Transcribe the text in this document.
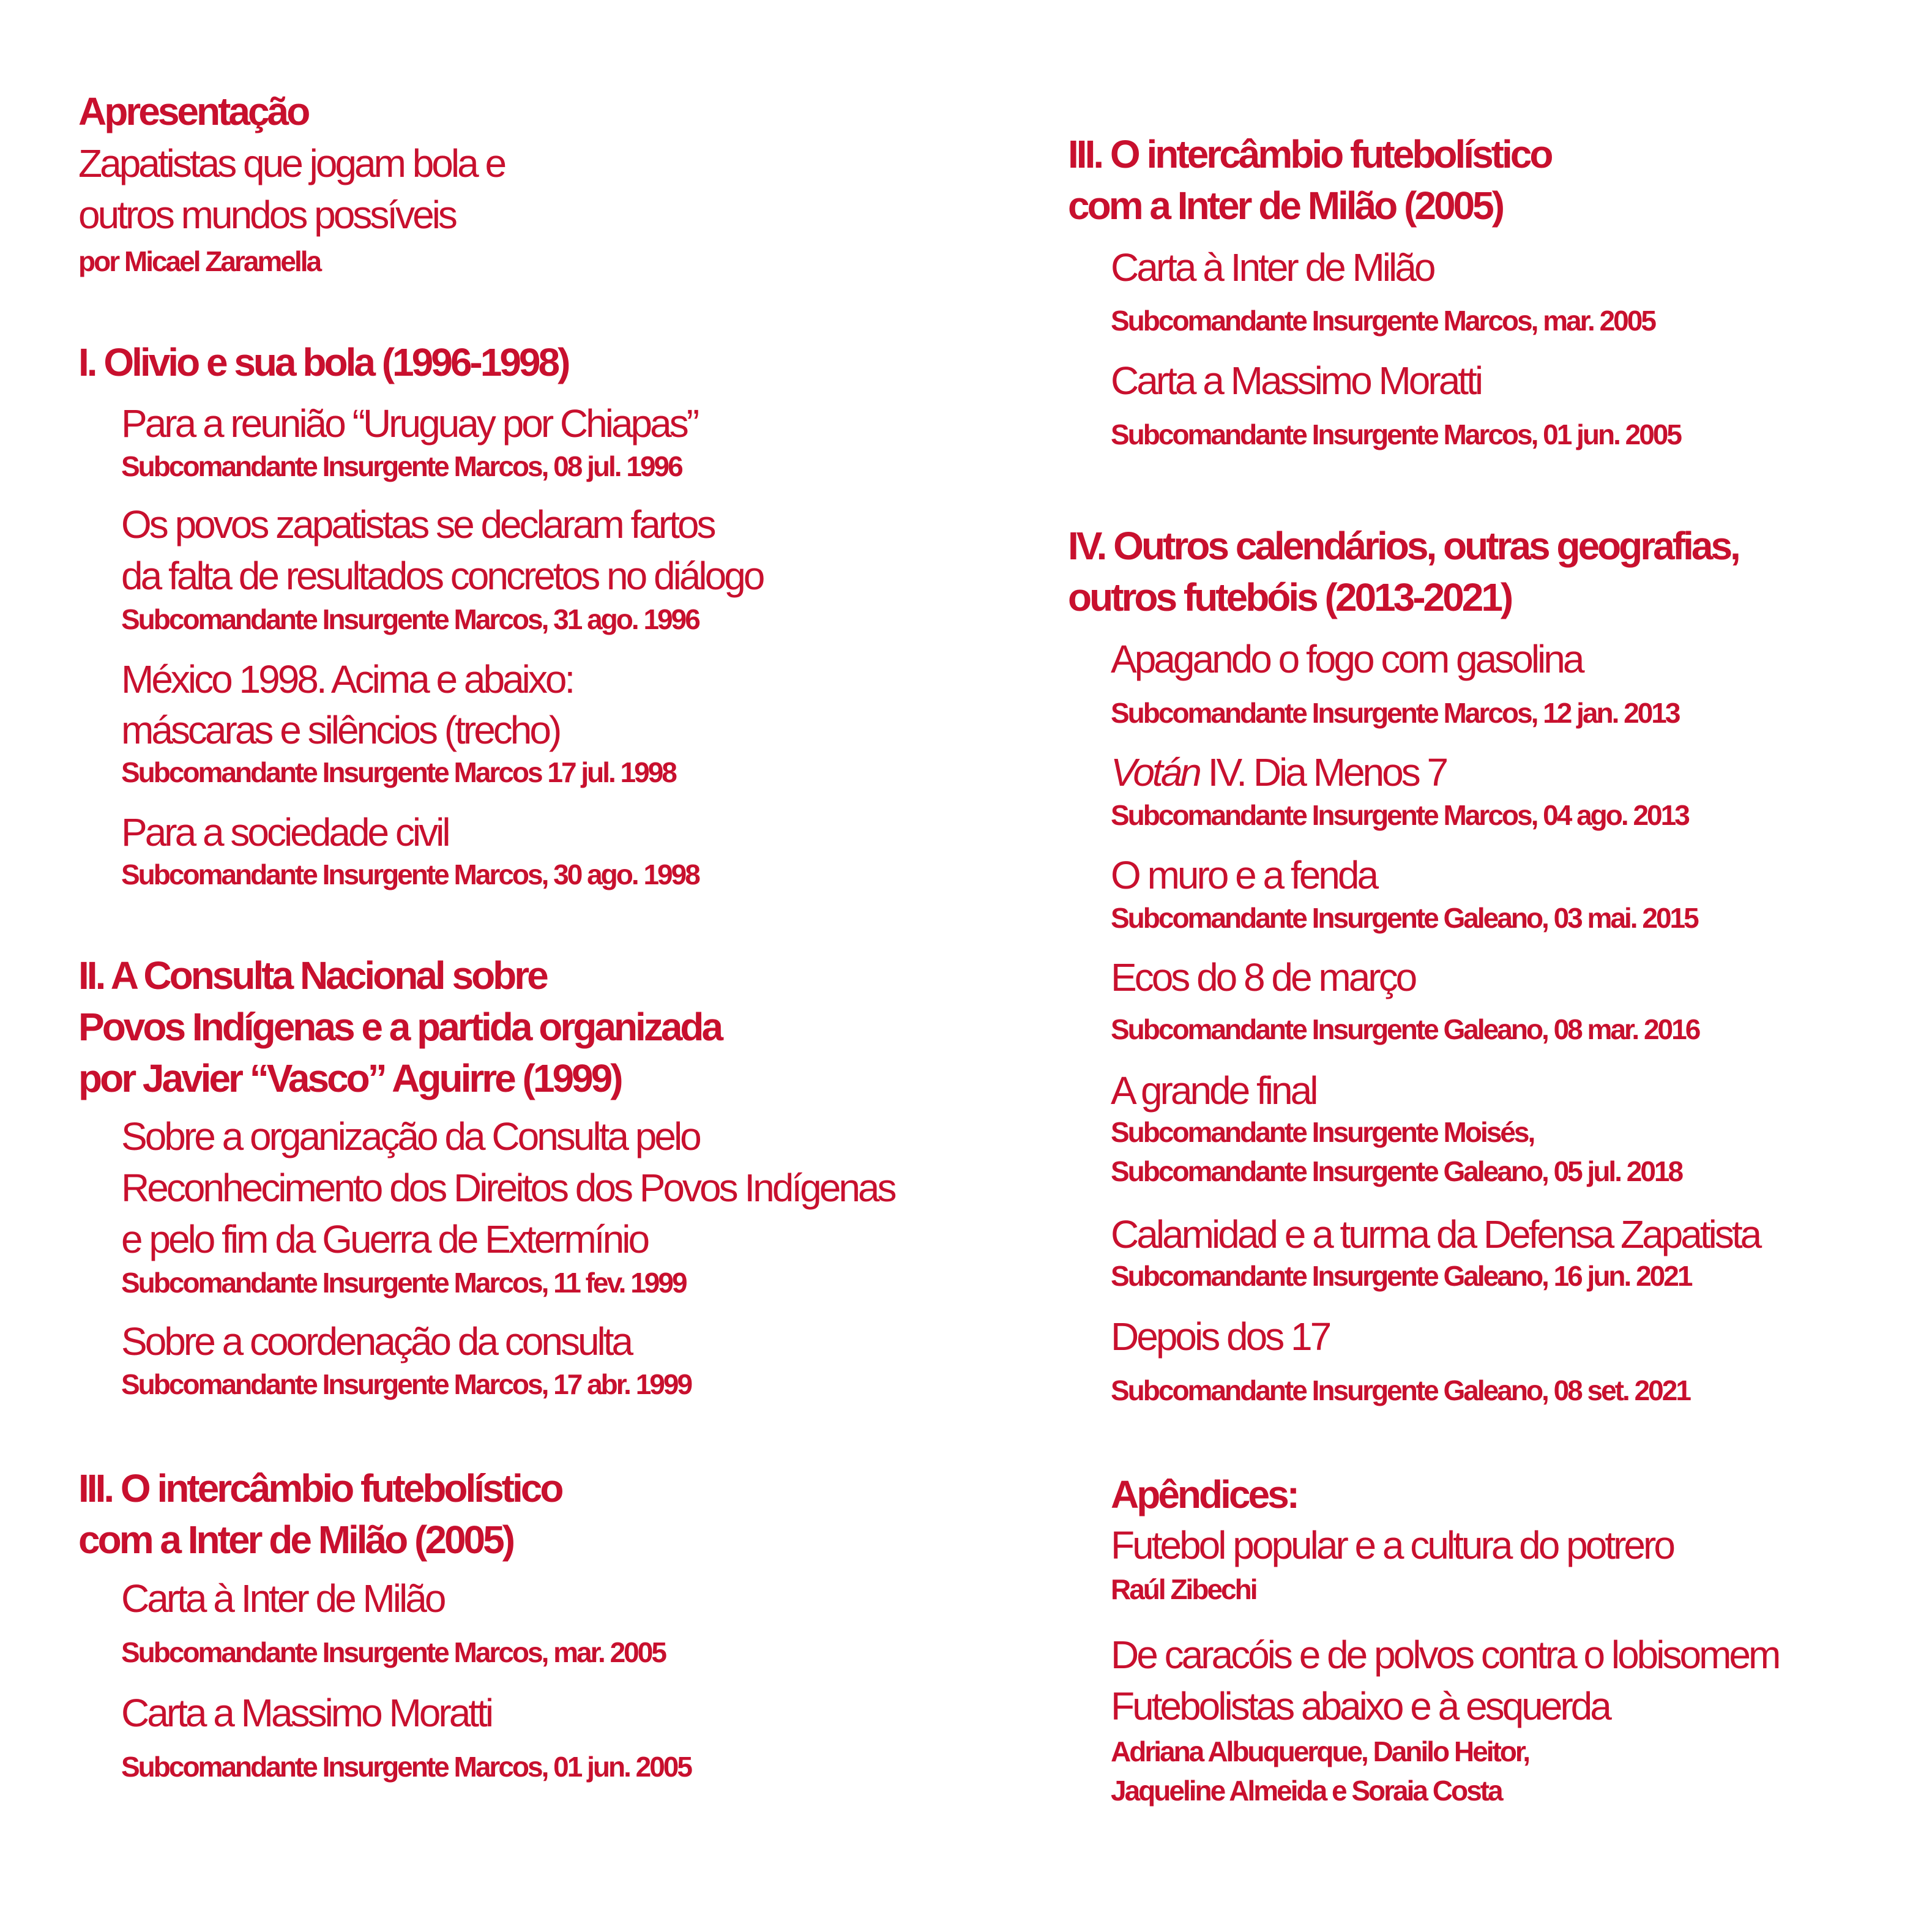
Apresentação
Zapatistas que jogam bola e
outros mundos possíveis
por Micael Zaramella
I. Olivio e sua bola (1996-1998)
Para a reunião “Uruguay por Chiapas”
Subcomandante Insurgente Marcos, 08 jul. 1996
Os povos zapatistas se declaram fartos
da falta de resultados concretos no diálogo
Subcomandante Insurgente Marcos, 31 ago. 1996
México 1998. Acima e abaixo:
máscaras e silêncios (trecho)
Subcomandante Insurgente Marcos 17 jul. 1998
Para a sociedade civil
Subcomandante Insurgente Marcos, 30 ago. 1998
II. A Consulta Nacional sobre
Povos Indígenas e a partida organizada
por Javier “Vasco” Aguirre (1999)
Sobre a organização da Consulta pelo
Reconhecimento dos Direitos dos Povos Indígenas
e pelo fim da Guerra de Extermínio
Subcomandante Insurgente Marcos, 11 fev. 1999
Sobre a coordenação da consulta
Subcomandante Insurgente Marcos, 17 abr. 1999
III. O intercâmbio futebolístico
com a Inter de Milão (2005)
Carta à Inter de Milão
Subcomandante Insurgente Marcos, mar. 2005
Carta a Massimo Moratti
Subcomandante Insurgente Marcos, 01 jun. 2005
III. O intercâmbio futebolístico
com a Inter de Milão (2005)
Carta à Inter de Milão
Subcomandante Insurgente Marcos, mar. 2005
Carta a Massimo Moratti
Subcomandante Insurgente Marcos, 01 jun. 2005
IV. Outros calendários, outras geografias,
outros futebóis (2013-2021)
Apagando o fogo com gasolina
Subcomandante Insurgente Marcos, 12 jan. 2013
Votán IV. Dia Menos 7
Subcomandante Insurgente Marcos, 04 ago. 2013
O muro e a fenda
Subcomandante Insurgente Galeano, 03 mai. 2015
Ecos do 8 de março
Subcomandante Insurgente Galeano, 08 mar. 2016
A grande final
Subcomandante Insurgente Moisés,
Subcomandante Insurgente Galeano, 05 jul. 2018
Calamidad e a turma da Defensa Zapatista
Subcomandante Insurgente Galeano, 16 jun. 2021
Depois dos 17
Subcomandante Insurgente Galeano, 08 set. 2021
Apêndices:
Futebol popular e a cultura do potrero
Raúl Zibechi
De caracóis e de polvos contra o lobisomem
Futebolistas abaixo e à esquerda
Adriana Albuquerque, Danilo Heitor,
Jaqueline Almeida e Soraia Costa
